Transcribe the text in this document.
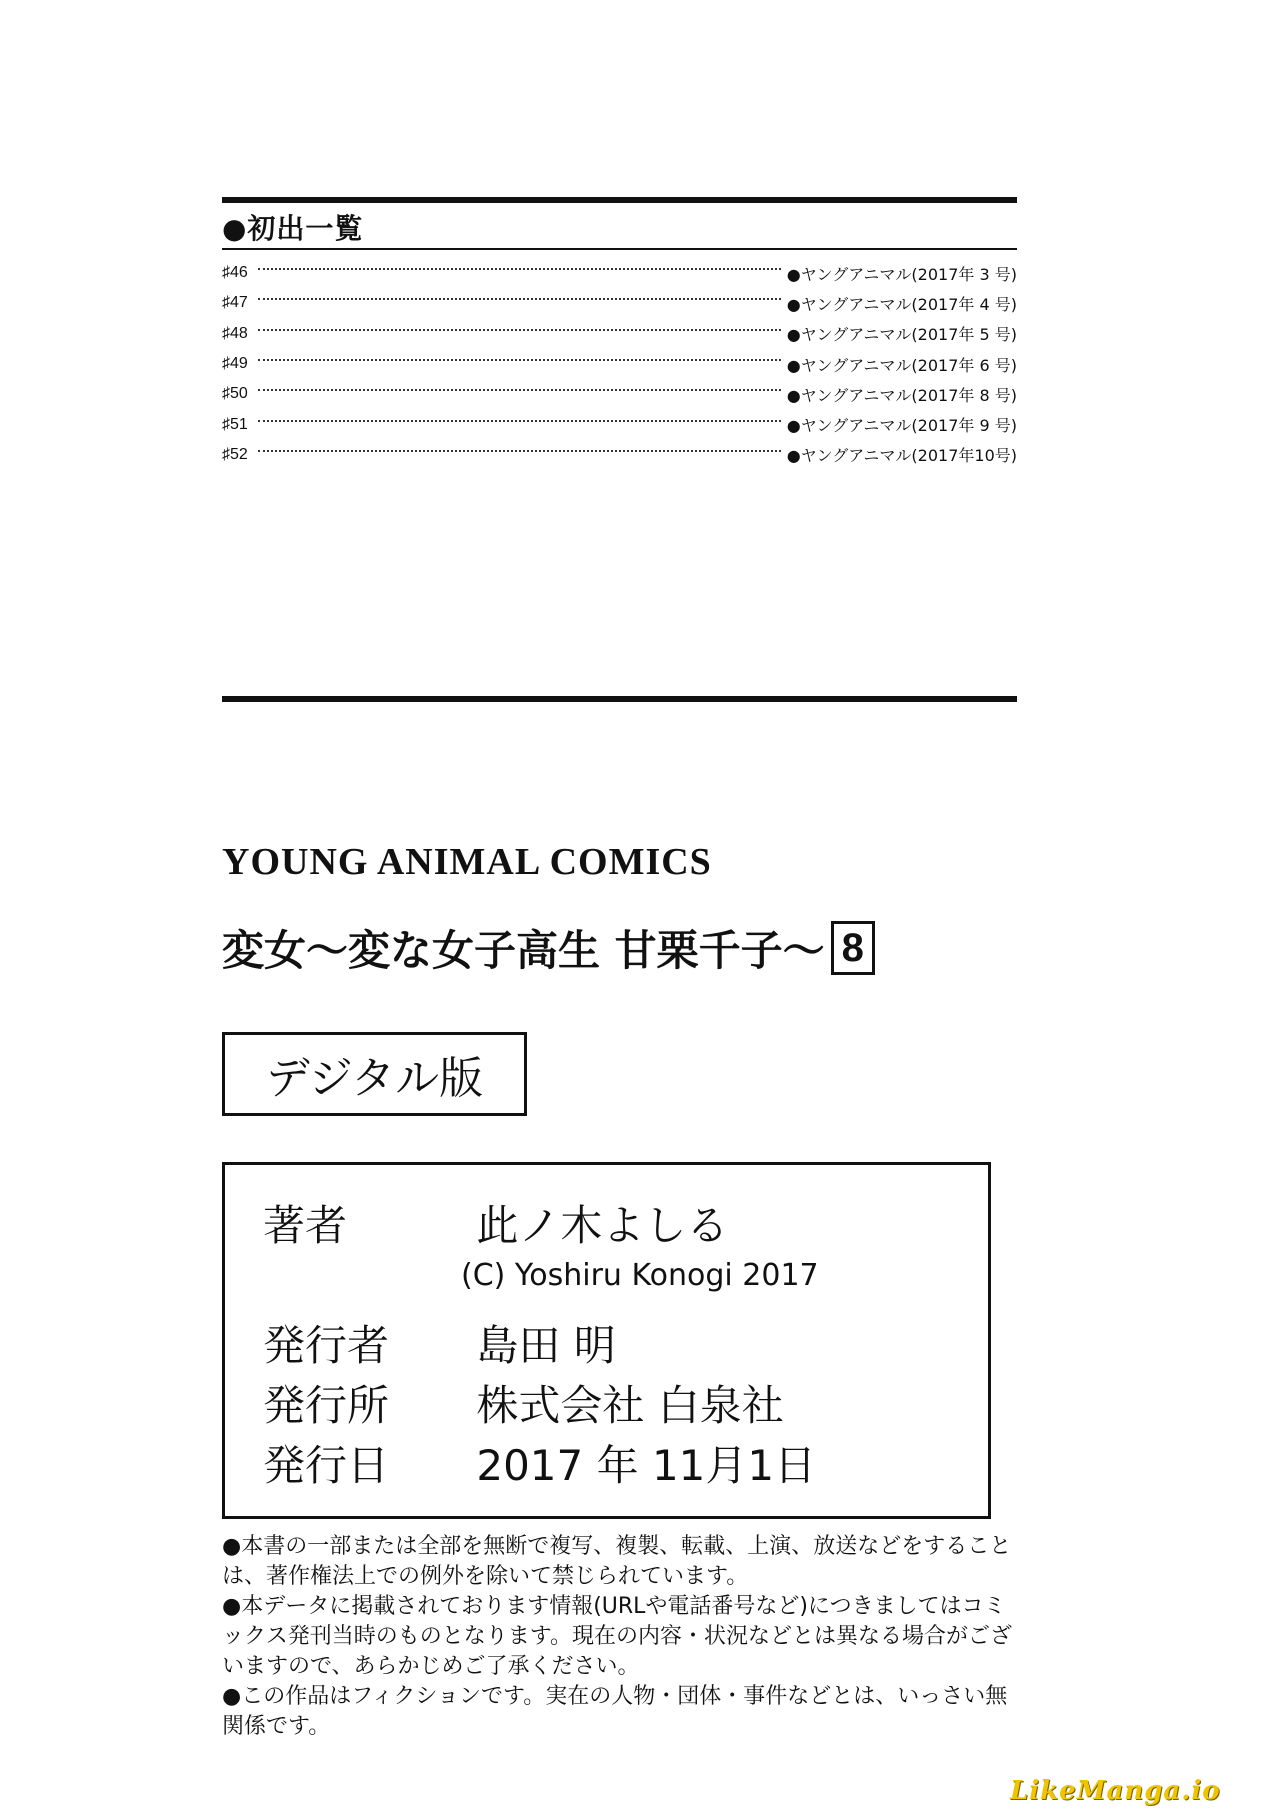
●初出一覧
♯46	●ヤングアニマル(2017年 3 号)
♯47	●ヤングアニマル(2017年 4 号)
♯48	●ヤングアニマル(2017年 5 号)
♯49	●ヤングアニマル(2017年 6 号)
♯50	●ヤングアニマル(2017年 8 号)
♯51	●ヤングアニマル(2017年 9 号)
♯52	●ヤングアニマル(2017年10号)
YOUNG ANIMAL COMICS
変女〜変な女子高生 甘栗千子〜 8
デジタル版
著者	此ノ木よしる
(C) Yoshiru Konogi 2017
発行者 島田 明
発行所 株式会社 白泉社
発行日 2017 年 11月1日

●本書の一部または全部を無断で複写、複製、転載、上演、放送などをすることは、著作権法上での例外を除いて禁じられています。

●本データに掲載されております情報(URLや電話番号など)につきましてはコミックス発刊当時のものとなります。現在の内容・状況などとは異なる場合がございますので、あらかじめご了承ください。

●この作品はフィクションです。実在の人物・団体・事件などとは、いっさい無関係です。

LikeManga.io
